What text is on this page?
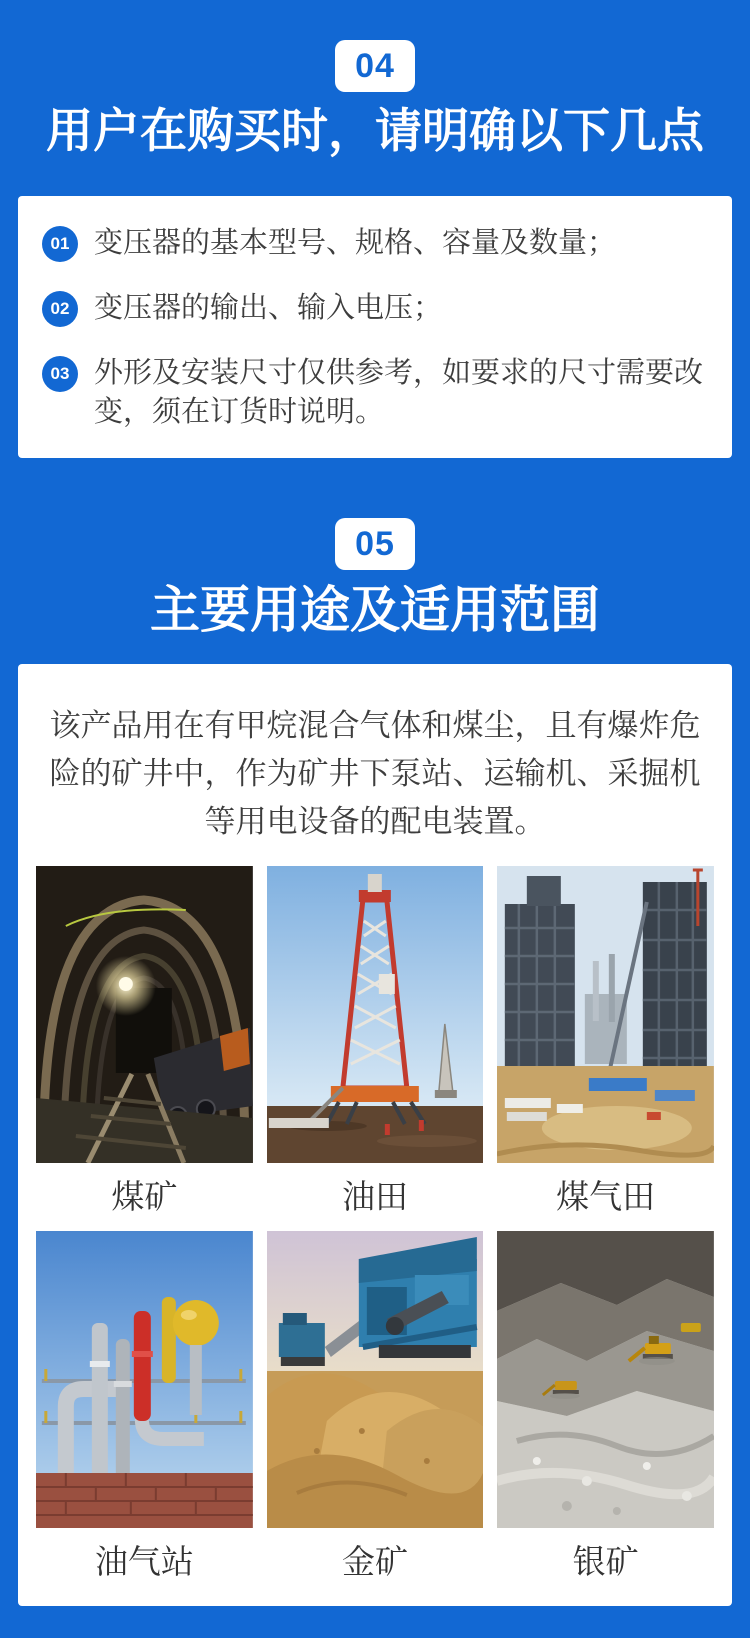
04
用户在购买时，请明确以下几点
01 变压器的基本型号、规格、容量及数量；

02 变压器的输出、输入电压；

03 外形及安装尺寸仅供参考，如要求的尺寸需要改变，须在订货时说明。

05
主要用途及适用范围

该产品用在有甲烷混合气体和煤尘，且有爆炸危险的矿井中，作为矿井下泵站、运输机、采掘机等用电设备的配电装置。

煤矿	油田	煤气田
油气站	金矿	银矿
